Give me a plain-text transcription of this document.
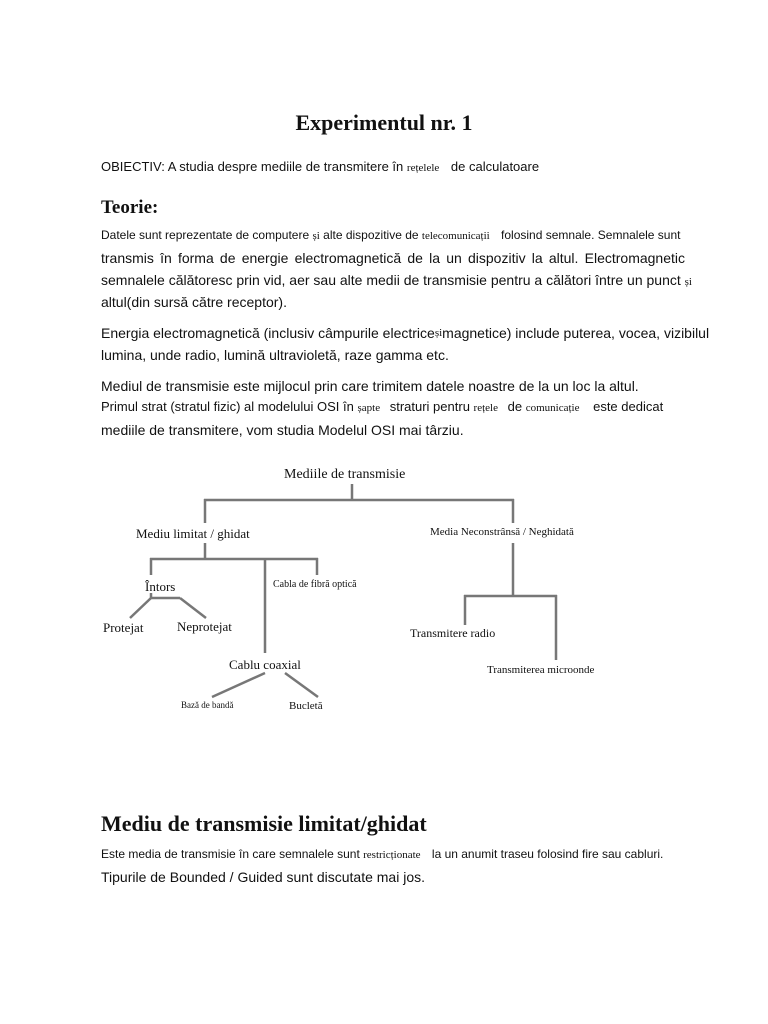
Experimentul nr. 1
OBIECTIV: A studia despre mediile de transmitere în rețelele de calculatoare
Teorie:
Datele sunt reprezentate de computere și alte dispozitive de telecomunicații folosind semnale. Semnalele sunt
transmis în forma de energie electromagnetică de la un dispozitiv la altul. Electromagnetic
semnalele călătoresc prin vid, aer sau alte medii de transmisie pentru a călători între un punct și
altul(din sursă către receptor).
Energia electromagnetică (inclusiv câmpurile electrice și magnetice) include puterea, vocea, vizibilul
lumina, unde radio, lumină ultravioletă, raze gamma etc.
Mediul de transmisie este mijlocul prin care trimitem datele noastre de la un loc la altul.
Primul strat (stratul fizic) al modelului OSI în șapte straturi pentru rețele de comunicație este dedicat
mediile de transmitere, vom studia Modelul OSI mai târziu.
Mediile de transmisie
Mediu limitat / ghidat	Media Neconstrânsă / Neghidată
Întors	Cabla de fibră optică
Protejat	Neprotejat
Cablu coaxial
Bază de bandă	Bucletă
Transmitere radio
Transmiterea microonde
Mediu de transmisie limitat/ghidat
Este media de transmisie în care semnalele sunt restricționate la un anumit traseu folosind fire sau cabluri.
Tipurile de Bounded / Guided sunt discutate mai jos.
